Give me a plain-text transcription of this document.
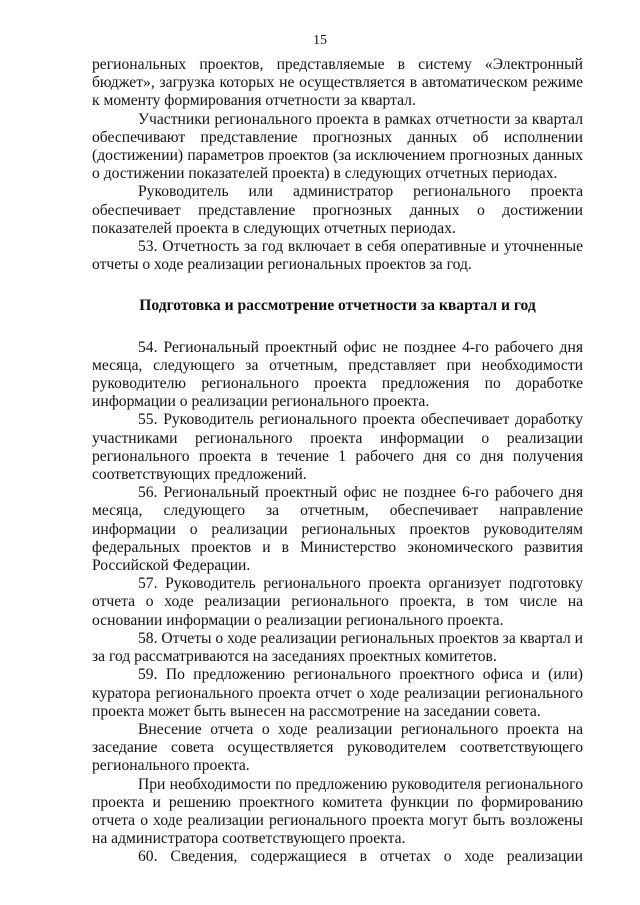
15

региональных проектов, представляемые в систему «Электронный бюджет», загрузка которых не осуществляется в автоматическом режиме к моменту формирования отчетности за квартал.

Участники регионального проекта в рамках отчетности за квартал обеспечивают представление прогнозных данных об исполнении (достижении) параметров проектов (за исключением прогнозных данных о достижении показателей проекта) в следующих отчетных периодах.

Руководитель или администратор регионального проекта обеспечивает представление прогнозных данных о достижении показателей проекта в следующих отчетных периодах.

53. Отчетность за год включает в себя оперативные и уточненные отчеты о ходе реализации региональных проектов за год.

Подготовка и рассмотрение отчетности за квартал и год

54. Региональный проектный офис не позднее 4-го рабочего дня месяца, следующего за отчетным, представляет при необходимости руководителю регионального проекта предложения по доработке информации о реализации регионального проекта.

55. Руководитель регионального проекта обеспечивает доработку участниками регионального проекта информации о реализации регионального проекта в течение 1 рабочего дня со дня получения соответствующих предложений.

56. Региональный проектный офис не позднее 6-го рабочего дня месяца, следующего за отчетным, обеспечивает направление информации о реализации региональных проектов руководителям федеральных проектов и в Министерство экономического развития Российской Федерации.

57. Руководитель регионального проекта организует подготовку отчета о ходе реализации регионального проекта, в том числе на основании информации о реализации регионального проекта.

58. Отчеты о ходе реализации региональных проектов за квартал и за год рассматриваются на заседаниях проектных комитетов.

59. По предложению регионального проектного офиса и (или) куратора регионального проекта отчет о ходе реализации регионального проекта может быть вынесен на рассмотрение на заседании совета.

Внесение отчета о ходе реализации регионального проекта на заседание совета осуществляется руководителем соответствующего регионального проекта.

При необходимости по предложению руководителя регионального проекта и решению проектного комитета функции по формированию отчета о ходе реализации регионального проекта могут быть возложены на администратора соответствующего проекта.

60. Сведения, содержащиеся в отчетах о ходе реализации
